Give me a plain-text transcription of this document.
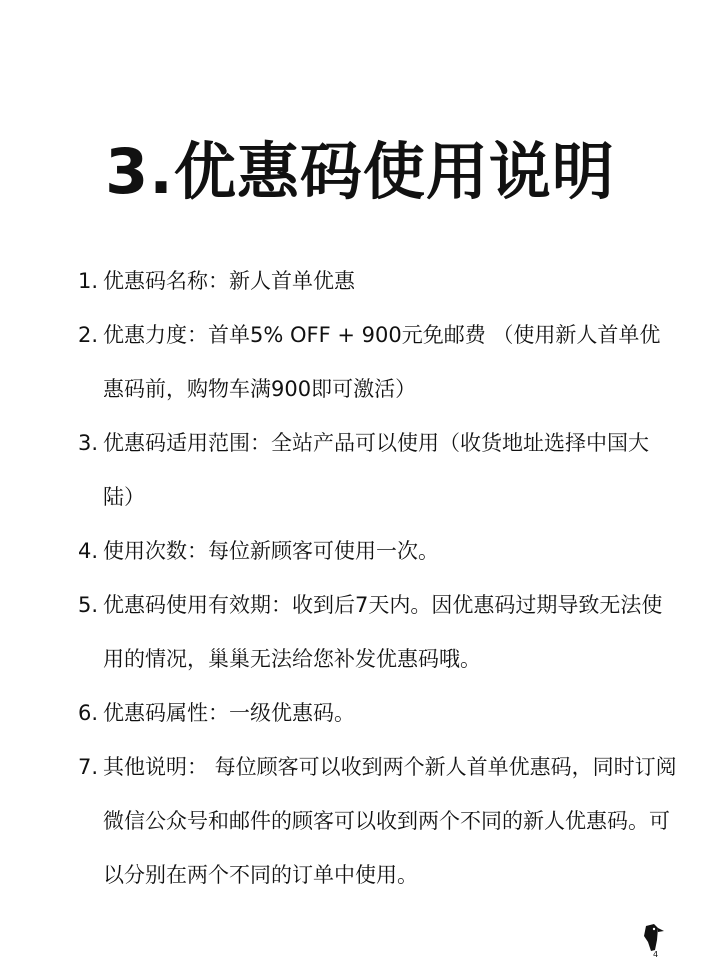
3.优惠码使用说明
1. 优惠码名称：新人首单优惠
2. 优惠力度：首单5% OFF + 900元免邮费 （使用新人首单优惠码前，购物车满900即可激活）
3. 优惠码适用范围：全站产品可以使用（收货地址选择中国大陆）
4. 使用次数：每位新顾客可使用一次。
5. 优惠码使用有效期：收到后7天内。因优惠码过期导致无法使用的情况，巢巢无法给您补发优惠码哦。
6. 优惠码属性：一级优惠码。
7. 其他说明： 每位顾客可以收到两个新人首单优惠码，同时订阅微信公众号和邮件的顾客可以收到两个不同的新人优惠码。可以分别在两个不同的订单中使用。
4
